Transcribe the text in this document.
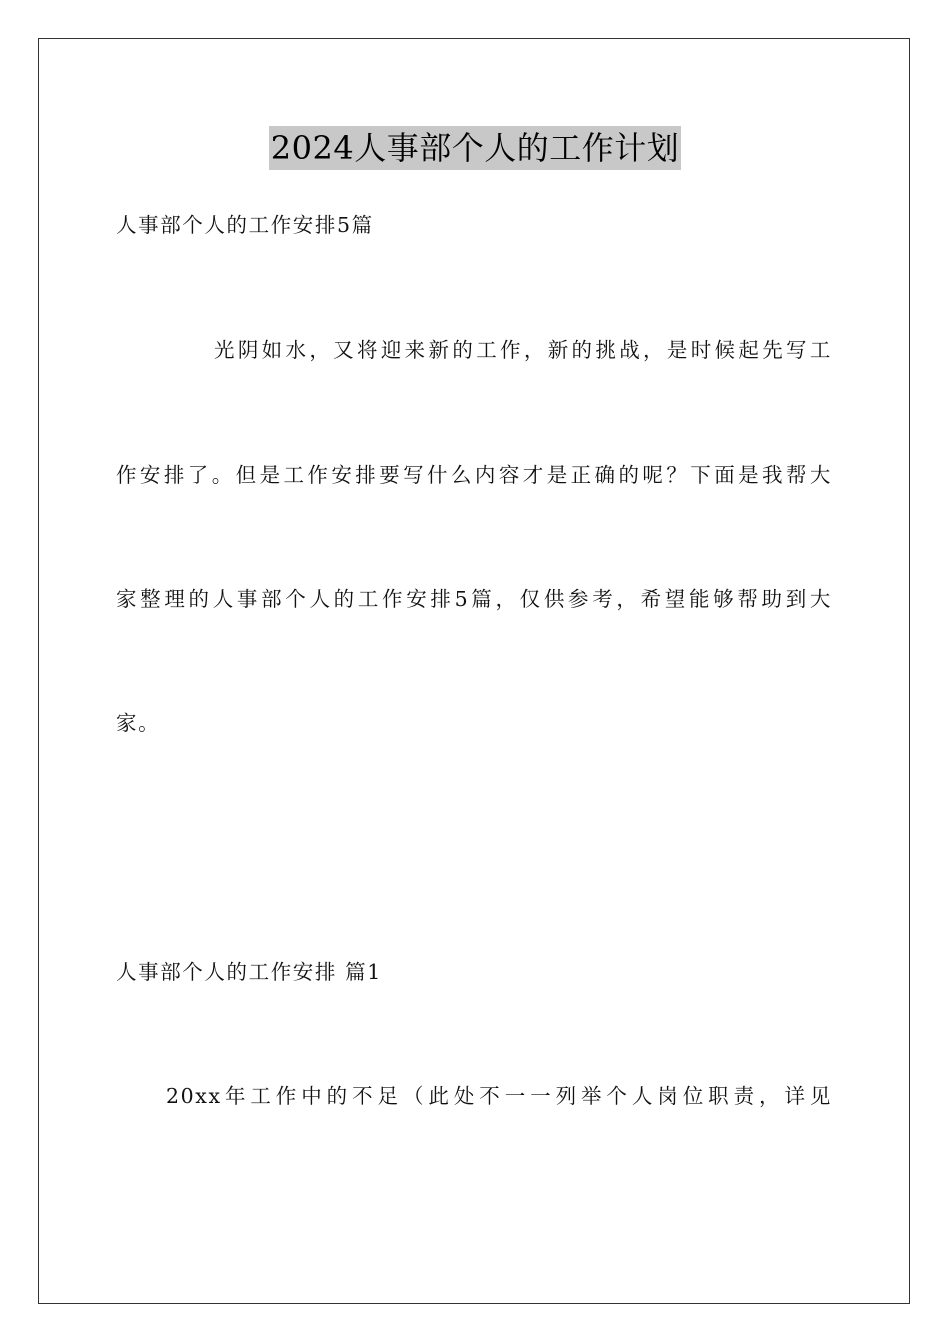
2024人事部个人的工作计划
人事部个人的工作安排5篇
光阴如水，又将迎来新的工作，新的挑战，是时候起先写工
作安排了。但是工作安排要写什么内容才是正确的呢？下面是我帮大
家整理的人事部个人的工作安排5篇，仅供参考，希望能够帮助到大
家。
人事部个人的工作安排 篇1
20xx年工作中的不足（此处不一一列举个人岗位职责，详见
